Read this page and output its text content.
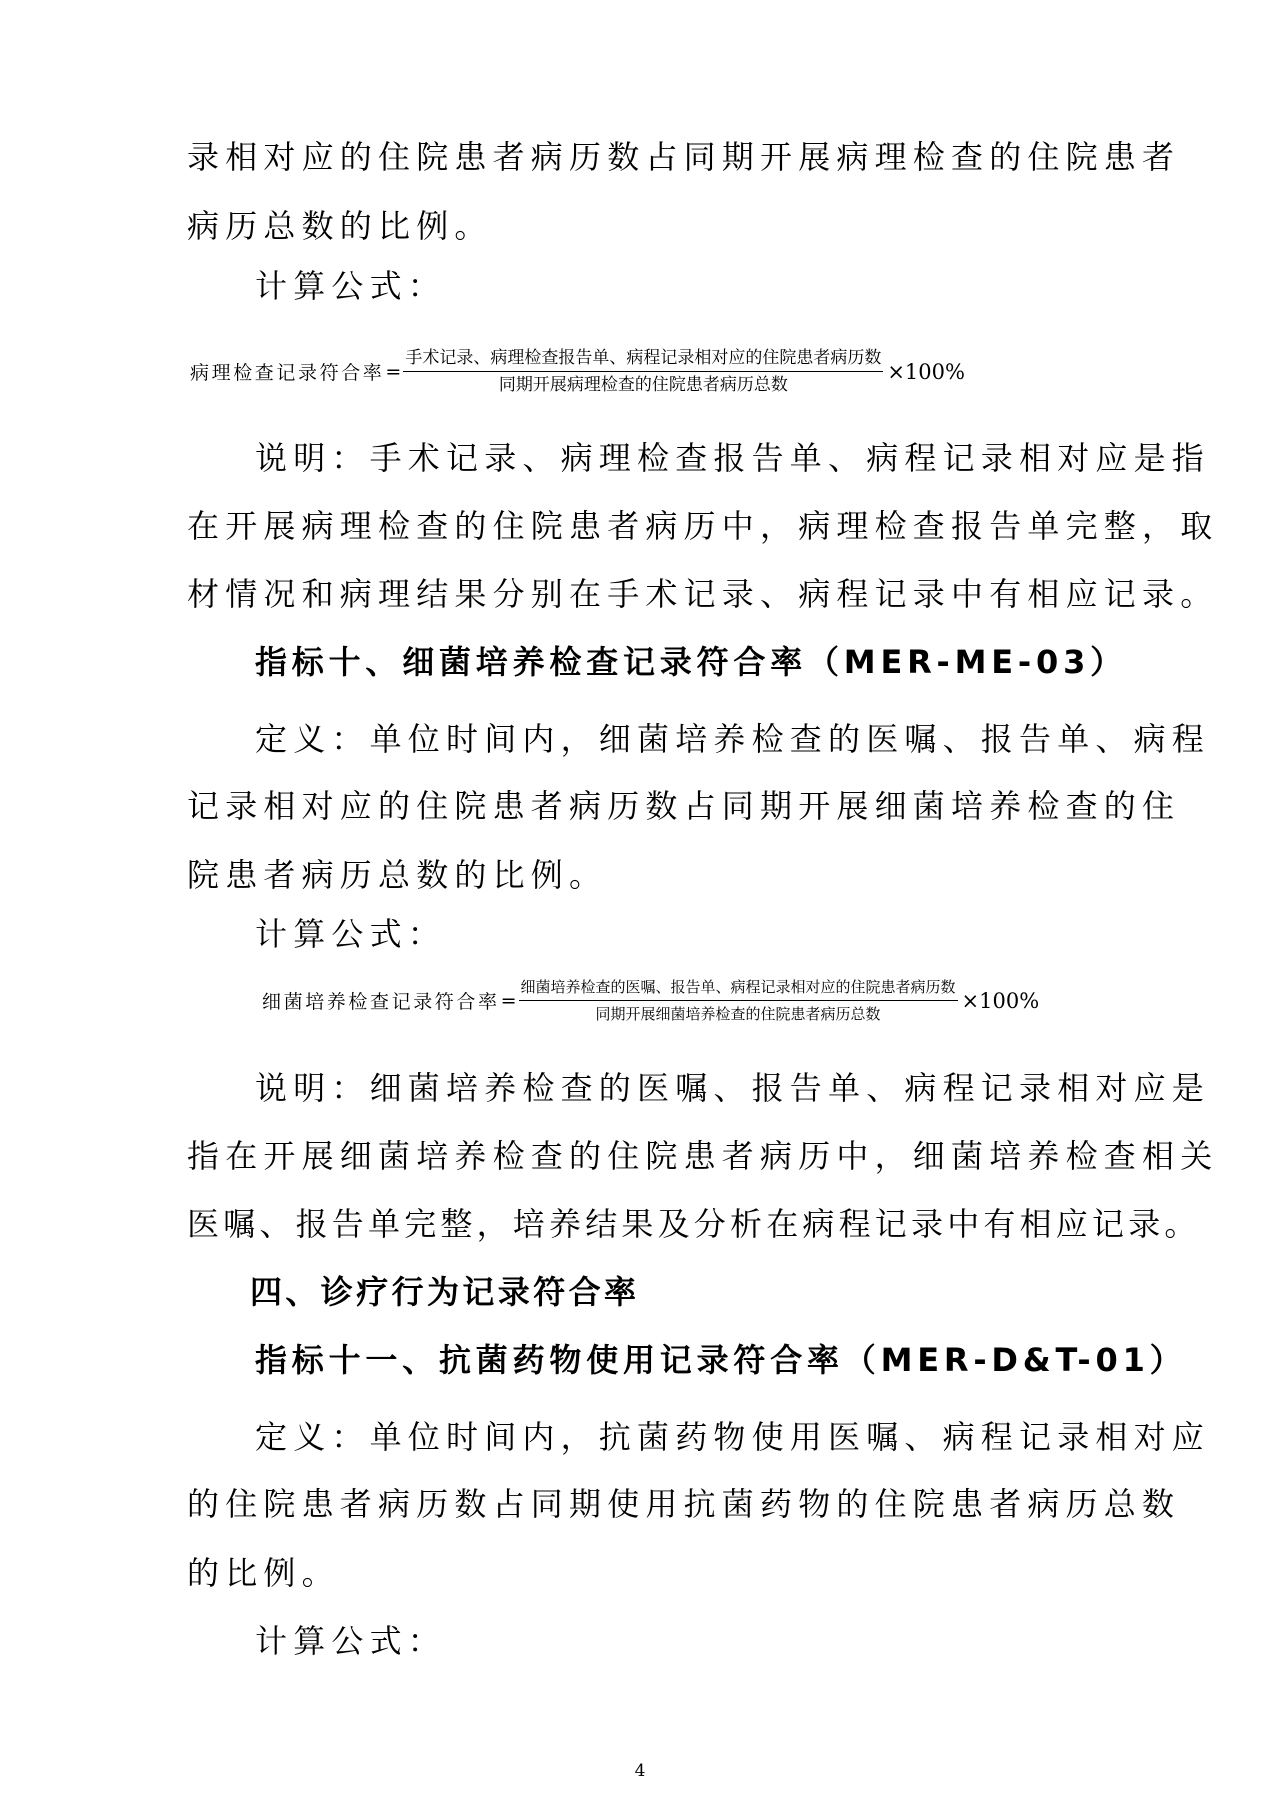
录相对应的住院患者病历数占同期开展病理检查的住院患者
病历总数的比例。
计算公式：
病理检查记录符合率 = $\frac{\text{手术记录、病理检查报告单、病程记录相对应的住院患者病历数}}{\text{同期开展病理检查的住院患者病历总数}} \times 100\%$
说明：手术记录、病理检查报告单、病程记录相对应是指
在开展病理检查的住院患者病历中，病理检查报告单完整，取
材情况和病理结果分别在手术记录、病程记录中有相应记录。
指标十、细菌培养检查记录符合率（MER-ME-03）
定义：单位时间内，细菌培养检查的医嘱、报告单、病程
记录相对应的住院患者病历数占同期开展细菌培养检查的住
院患者病历总数的比例。
计算公式：
细菌培养检查记录符合率 = $\frac{\text{细菌培养检查的医嘱、报告单、病程记录相对应的住院患者病历数}}{\text{同期开展细菌培养检查的住院患者病历总数}} \times 100\%$
说明：细菌培养检查的医嘱、报告单、病程记录相对应是
指在开展细菌培养检查的住院患者病历中，细菌培养检查相关
医嘱、报告单完整，培养结果及分析在病程记录中有相应记录。
四、诊疗行为记录符合率
指标十一、抗菌药物使用记录符合率（MER-D&T-01）
定义：单位时间内，抗菌药物使用医嘱、病程记录相对应
的住院患者病历数占同期使用抗菌药物的住院患者病历总数
的比例。
计算公式：
4
